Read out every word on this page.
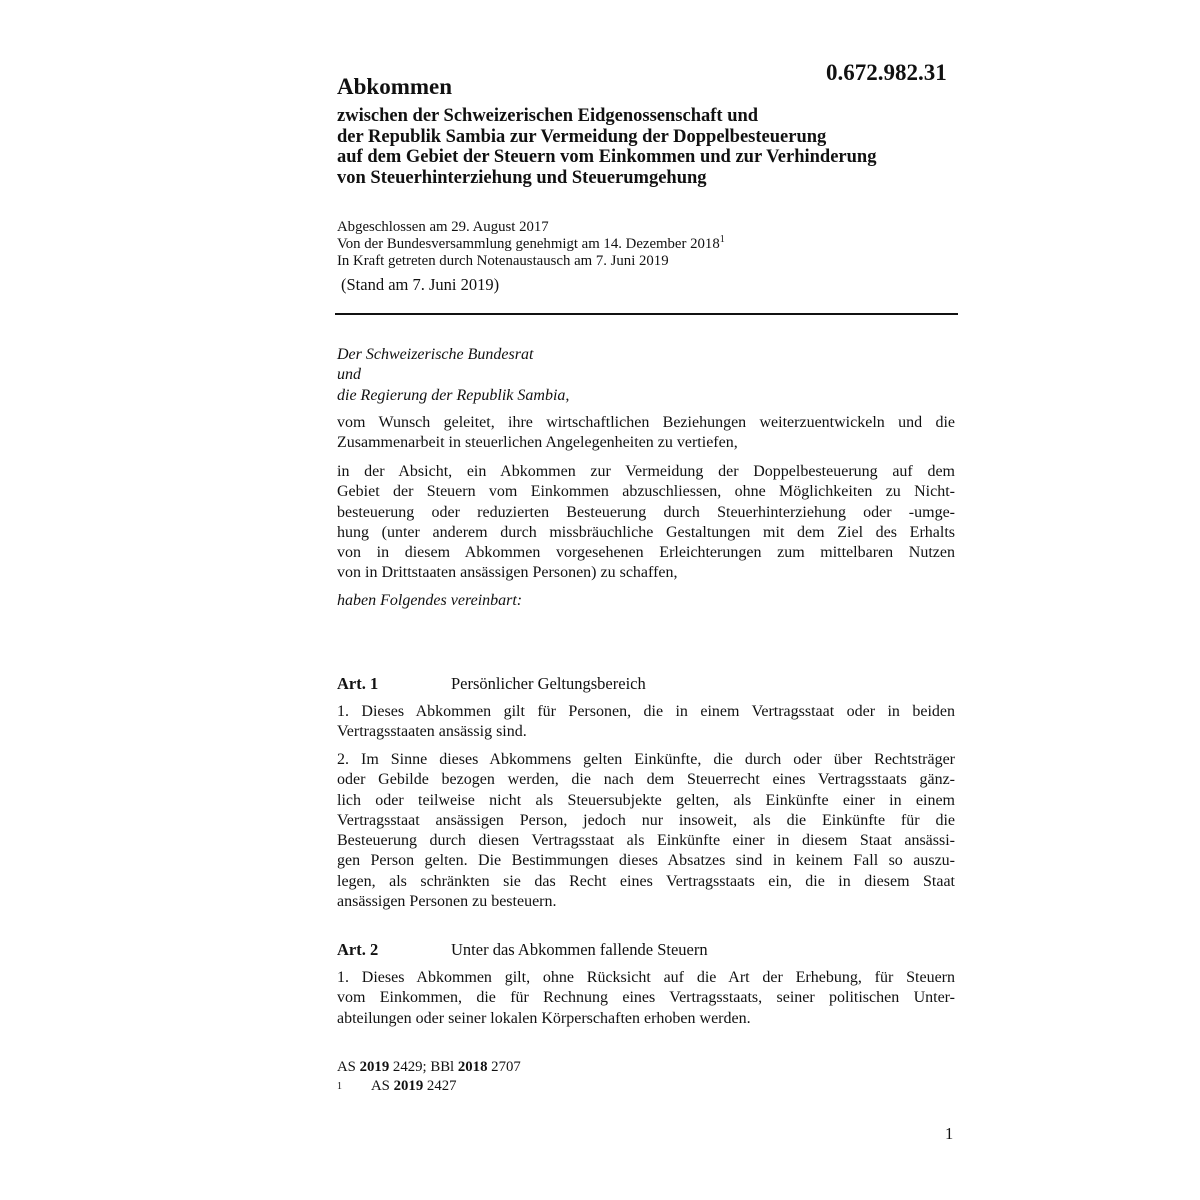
0.672.982.31
Abkommen
zwischen der Schweizerischen Eidgenossenschaft und
der Republik Sambia zur Vermeidung der Doppelbesteuerung
auf dem Gebiet der Steuern vom Einkommen und zur Verhinderung
von Steuerhinterziehung und Steuerumgehung
Abgeschlossen am 29. August 2017
Von der Bundesversammlung genehmigt am 14. Dezember 2018$^1$
In Kraft getreten durch Notenaustausch am 7. Juni 2019
(Stand am 7. Juni 2019)
Der Schweizerische Bundesrat
und
die Regierung der Republik Sambia,
vom Wunsch geleitet, ihre wirtschaftlichen Beziehungen weiterzuentwickeln und die
Zusammenarbeit in steuerlichen Angelegenheiten zu vertiefen,
in der Absicht, ein Abkommen zur Vermeidung der Doppelbesteuerung auf dem
Gebiet der Steuern vom Einkommen abzuschliessen, ohne Möglichkeiten zu Nicht-
besteuerung oder reduzierten Besteuerung durch Steuerhinterziehung oder -umge-
hung (unter anderem durch missbräuchliche Gestaltungen mit dem Ziel des Erhalts
von in diesem Abkommen vorgesehenen Erleichterungen zum mittelbaren Nutzen
von in Drittstaaten ansässigen Personen) zu schaffen,
haben Folgendes vereinbart:
Art. 1	Persönlicher Geltungsbereich
1. Dieses Abkommen gilt für Personen, die in einem Vertragsstaat oder in beiden
Vertragsstaaten ansässig sind.
2. Im Sinne dieses Abkommens gelten Einkünfte, die durch oder über Rechtsträger
oder Gebilde bezogen werden, die nach dem Steuerrecht eines Vertragsstaats gänz-
lich oder teilweise nicht als Steuersubjekte gelten, als Einkünfte einer in einem
Vertragsstaat ansässigen Person, jedoch nur insoweit, als die Einkünfte für die
Besteuerung durch diesen Vertragsstaat als Einkünfte einer in diesem Staat ansässi-
gen Person gelten. Die Bestimmungen dieses Absatzes sind in keinem Fall so auszu-
legen, als schränkten sie das Recht eines Vertragsstaats ein, die in diesem Staat
ansässigen Personen zu besteuern.
Art. 2	Unter das Abkommen fallende Steuern
1. Dieses Abkommen gilt, ohne Rücksicht auf die Art der Erhebung, für Steuern
vom Einkommen, die für Rechnung eines Vertragsstaats, seiner politischen Unter-
abteilungen oder seiner lokalen Körperschaften erhoben werden.
AS 2019 2429; BBl 2018 2707
1 AS 2019 2427
1
